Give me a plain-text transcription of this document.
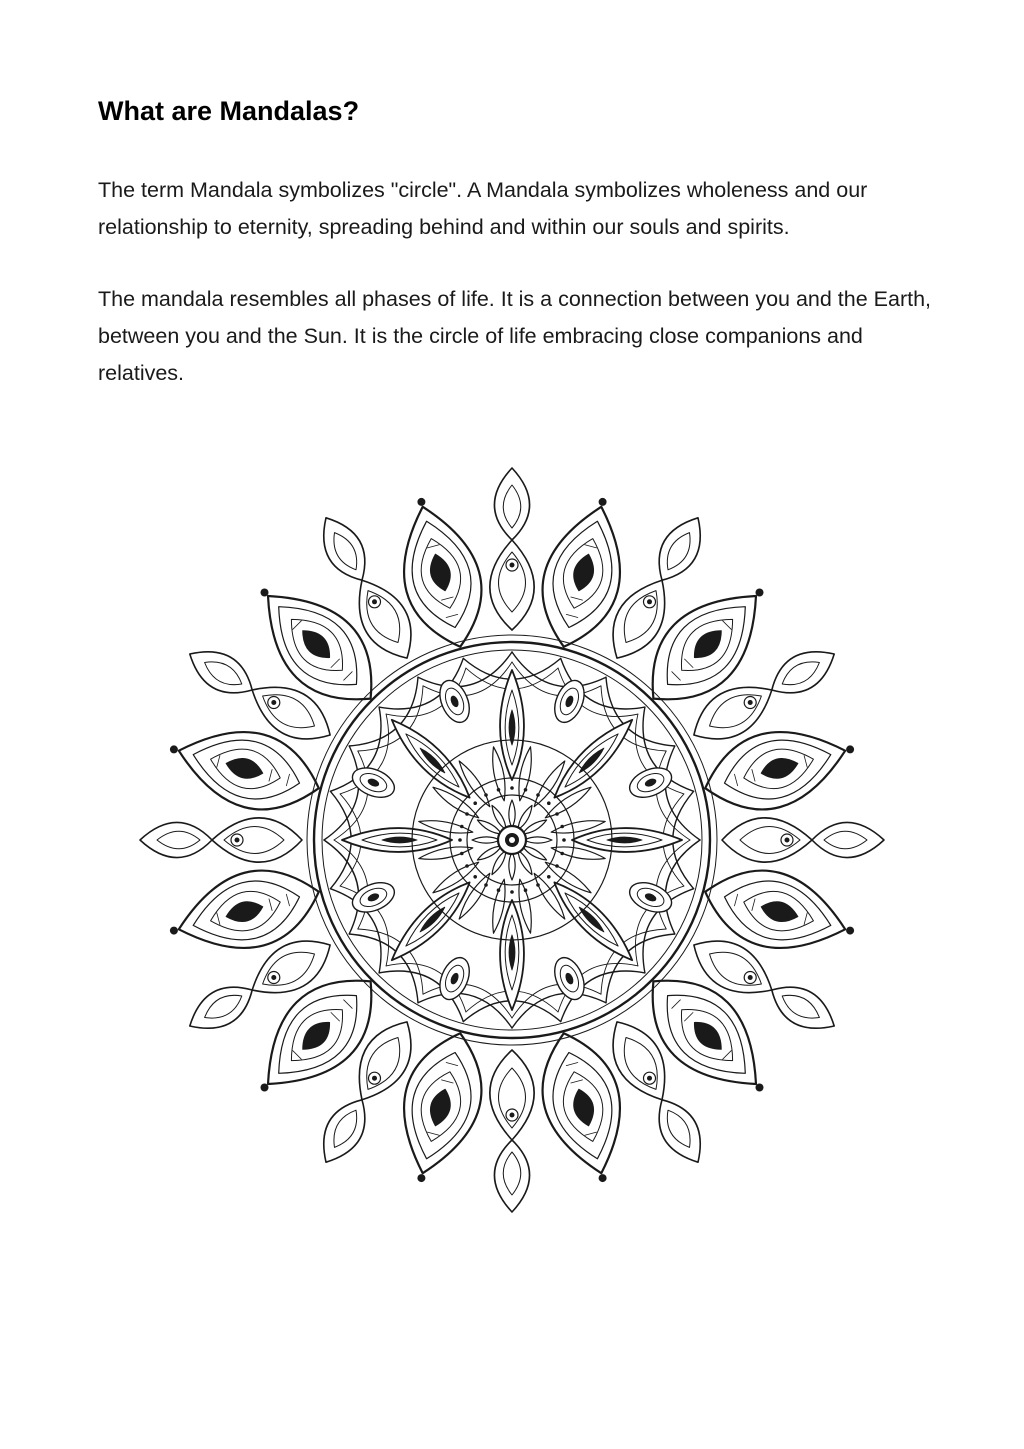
What are Mandalas?

The term Mandala symbolizes "circle". A Mandala symbolizes wholeness and our relationship to eternity, spreading behind and within our souls and spirits.

The mandala resembles all phases of life. It is a connection between you and the Earth, between you and the Sun. It is the circle of life embracing close companions and relatives.
